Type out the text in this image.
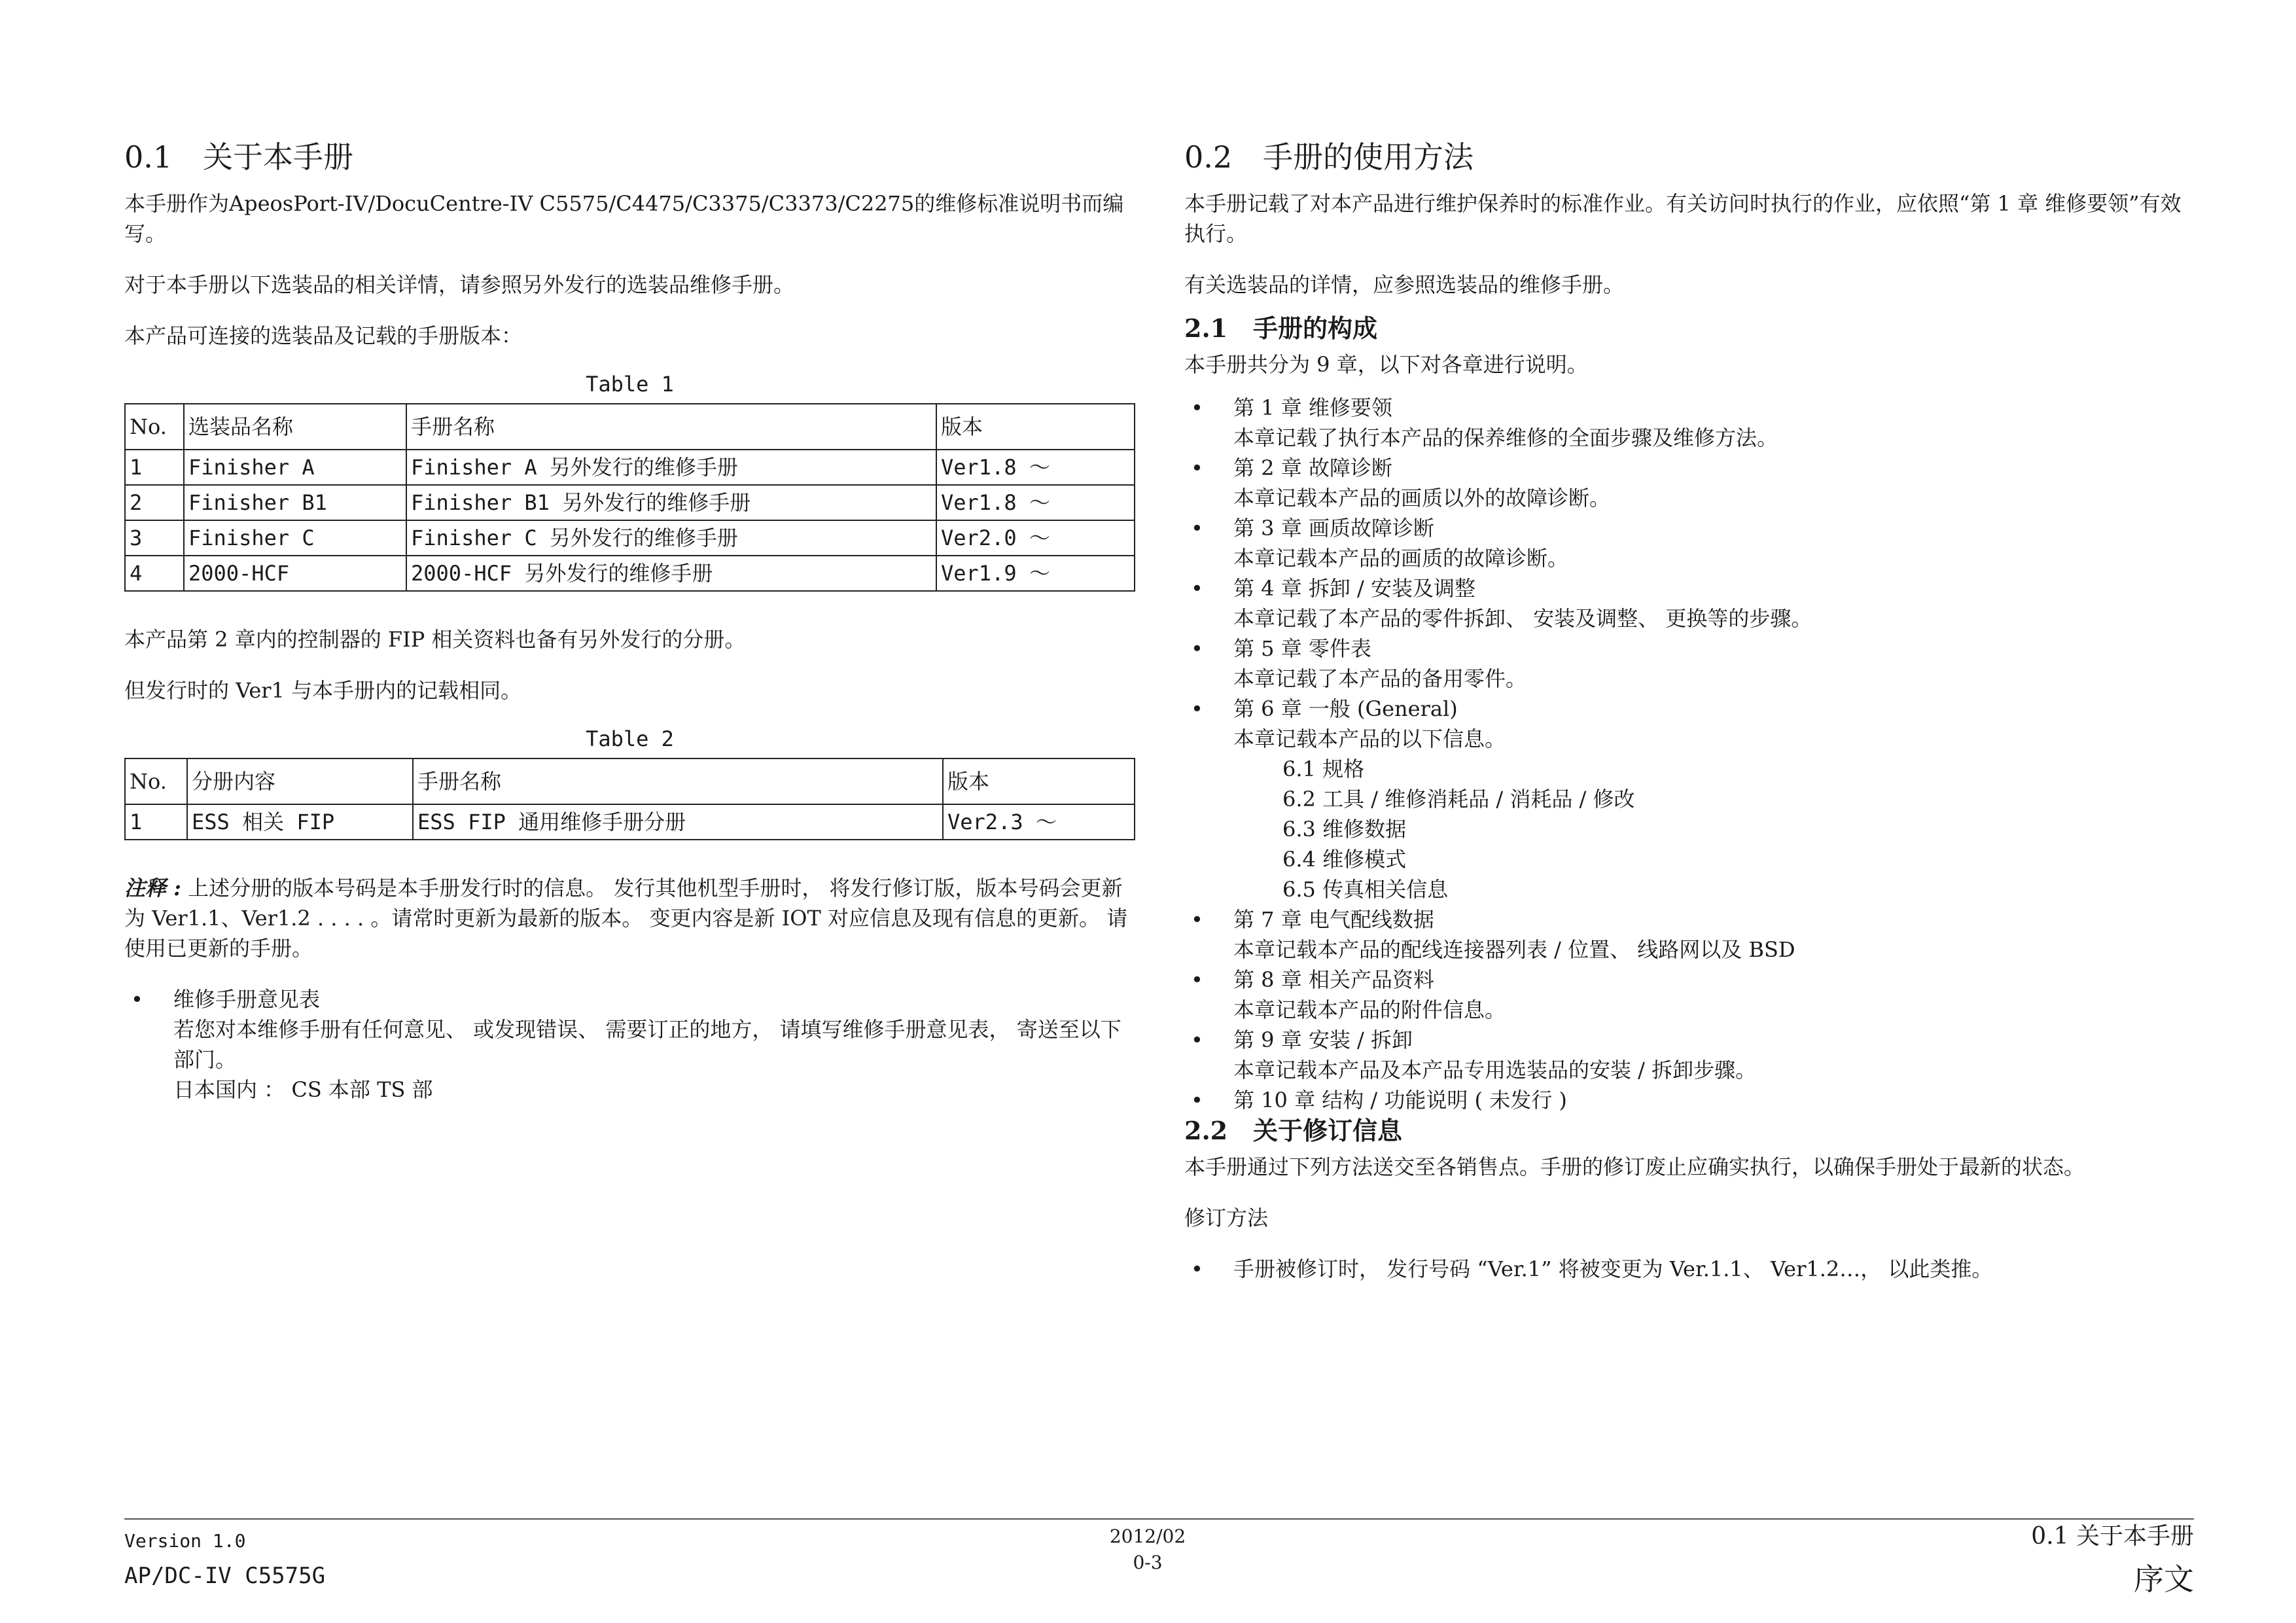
0.1 关于本手册

本手册作为ApeosPort-IV/DocuCentre-IV C5575/C4475/C3375/C3373/C2275的维修标准说明书而编写。

对于本手册以下选装品的相关详情，请参照另外发行的选装品维修手册。

本产品可连接的选装品及记载的手册版本：

Table 1
No.	选装品名称	手册名称	版本
1	Finisher A	Finisher A 另外发行的维修手册	Ver1.8 ～
2	Finisher B1	Finisher B1 另外发行的维修手册	Ver1.8 ～
3	Finisher C	Finisher C 另外发行的维修手册	Ver2.0 ～
4	2000-HCF	2000-HCF 另外发行的维修手册	Ver1.9 ～

本产品第 2 章内的控制器的 FIP 相关资料也备有另外发行的分册。

但发行时的 Ver1 与本手册内的记载相同。

Table 2
No.	分册内容	手册名称	版本
1	ESS 相关 FIP	ESS FIP 通用维修手册分册	Ver2.3 ～

注释 : 上述分册的版本号码是本手册发行时的信息。 发行其他机型手册时， 将发行修订版，版本号码会更新为 Ver1.1、Ver1.2 . . . . 。请常时更新为最新的版本。 变更内容是新 IOT 对应信息及现有信息的更新。 请使用已更新的手册。

• 维修手册意见表
若您对本维修手册有任何意见、 或发现错误、 需要订正的地方， 请填写维修手册意见表， 寄送至以下部门。
日本国内 ： CS 本部 TS 部
0.2 手册的使用方法

本手册记载了对本产品进行维护保养时的标准作业。有关访问时执行的作业，应依照“第 1 章 维修要领”有效执行。

有关选装品的详情，应参照选装品的维修手册。

2.1 手册的构成

本手册共分为 9 章，以下对各章进行说明。

• 第 1 章 维修要领
本章记载了执行本产品的保养维修的全面步骤及维修方法。
• 第 2 章 故障诊断
本章记载本产品的画质以外的故障诊断。
• 第 3 章 画质故障诊断
本章记载本产品的画质的故障诊断。
• 第 4 章 拆卸 / 安装及调整
本章记载了本产品的零件拆卸、 安装及调整、 更换等的步骤。
• 第 5 章 零件表
本章记载了本产品的备用零件。
• 第 6 章 一般 (General)
本章记载本产品的以下信息。
6.1 规格
6.2 工具 / 维修消耗品 / 消耗品 / 修改
6.3 维修数据
6.4 维修模式
6.5 传真相关信息
• 第 7 章 电气配线数据
本章记载本产品的配线连接器列表 / 位置、 线路网以及 BSD
• 第 8 章 相关产品资料
本章记载本产品的附件信息。
• 第 9 章 安装 / 拆卸
本章记载本产品及本产品专用选装品的安装 / 拆卸步骤。
• 第 10 章 结构 / 功能说明 ( 未发行 )
2.2 关于修订信息

本手册通过下列方法送交至各销售点。手册的修订废止应确实执行，以确保手册处于最新的状态。

修订方法

• 手册被修订时， 发行号码 “Ver.1” 将被变更为 Ver.1.1、 Ver1.2…， 以此类推。
Version 1.0
AP/DC-IV C5575G
2012/02
0-3
0.1 关于本手册
序文
